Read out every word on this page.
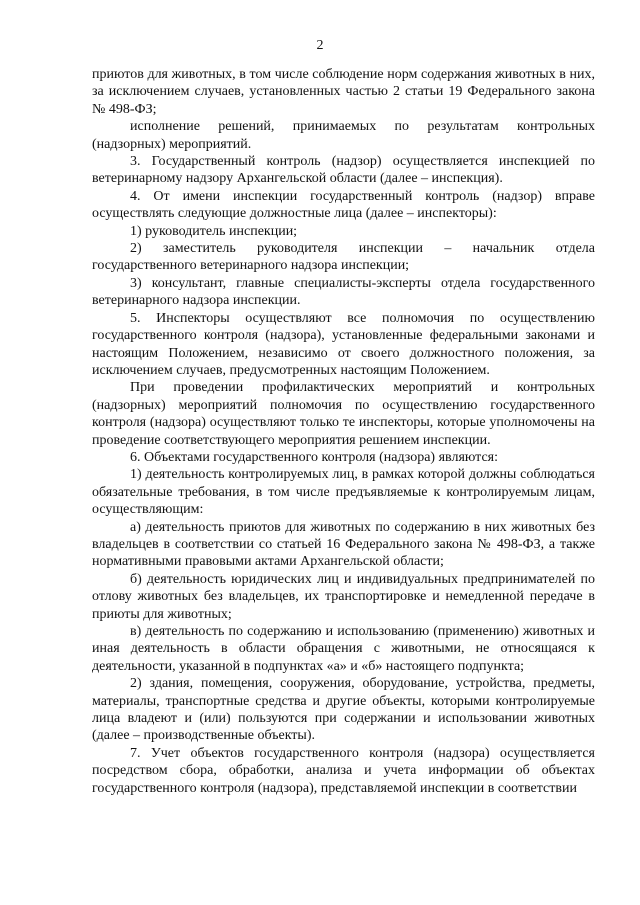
2

приютов для животных, в том числе соблюдение норм содержания животных в них, за исключением случаев, установленных частью 2 статьи 19 Федерального закона № 498-ФЗ;

исполнение решений, принимаемых по результатам контрольных (надзорных) мероприятий.

3. Государственный контроль (надзор) осуществляется инспекцией по ветеринарному надзору Архангельской области (далее – инспекция).

4. От имени инспекции государственный контроль (надзор) вправе осуществлять следующие должностные лица (далее – инспекторы):

1) руководитель инспекции;

2) заместитель руководителя инспекции – начальник отдела государственного ветеринарного надзора инспекции;

3) консультант, главные специалисты-эксперты отдела государственного ветеринарного надзора инспекции.

5. Инспекторы осуществляют все полномочия по осуществлению государственного контроля (надзора), установленные федеральными законами и настоящим Положением, независимо от своего должностного положения, за исключением случаев, предусмотренных настоящим Положением.

При проведении профилактических мероприятий и контрольных (надзорных) мероприятий полномочия по осуществлению государственного контроля (надзора) осуществляют только те инспекторы, которые уполномочены на проведение соответствующего мероприятия решением инспекции.

6. Объектами государственного контроля (надзора) являются:

1) деятельность контролируемых лиц, в рамках которой должны соблюдаться обязательные требования, в том числе предъявляемые к контролируемым лицам, осуществляющим:

а) деятельность приютов для животных по содержанию в них животных без владельцев в соответствии со статьей 16 Федерального закона № 498-ФЗ, а также нормативными правовыми актами Архангельской области;

б) деятельность юридических лиц и индивидуальных предпринимателей по отлову животных без владельцев, их транспортировке и немедленной передаче в приюты для животных;

в) деятельность по содержанию и использованию (применению) животных и иная деятельность в области обращения с животными, не относящаяся к деятельности, указанной в подпунктах «а» и «б» настоящего подпункта;

2) здания, помещения, сооружения, оборудование, устройства, предметы, материалы, транспортные средства и другие объекты, которыми контролируемые лица владеют и (или) пользуются при содержании и использовании животных (далее – производственные объекты).

7. Учет объектов государственного контроля (надзора) осуществляется посредством сбора, обработки, анализа и учета информации об объектах государственного контроля (надзора), представляемой инспекции в соответствии
